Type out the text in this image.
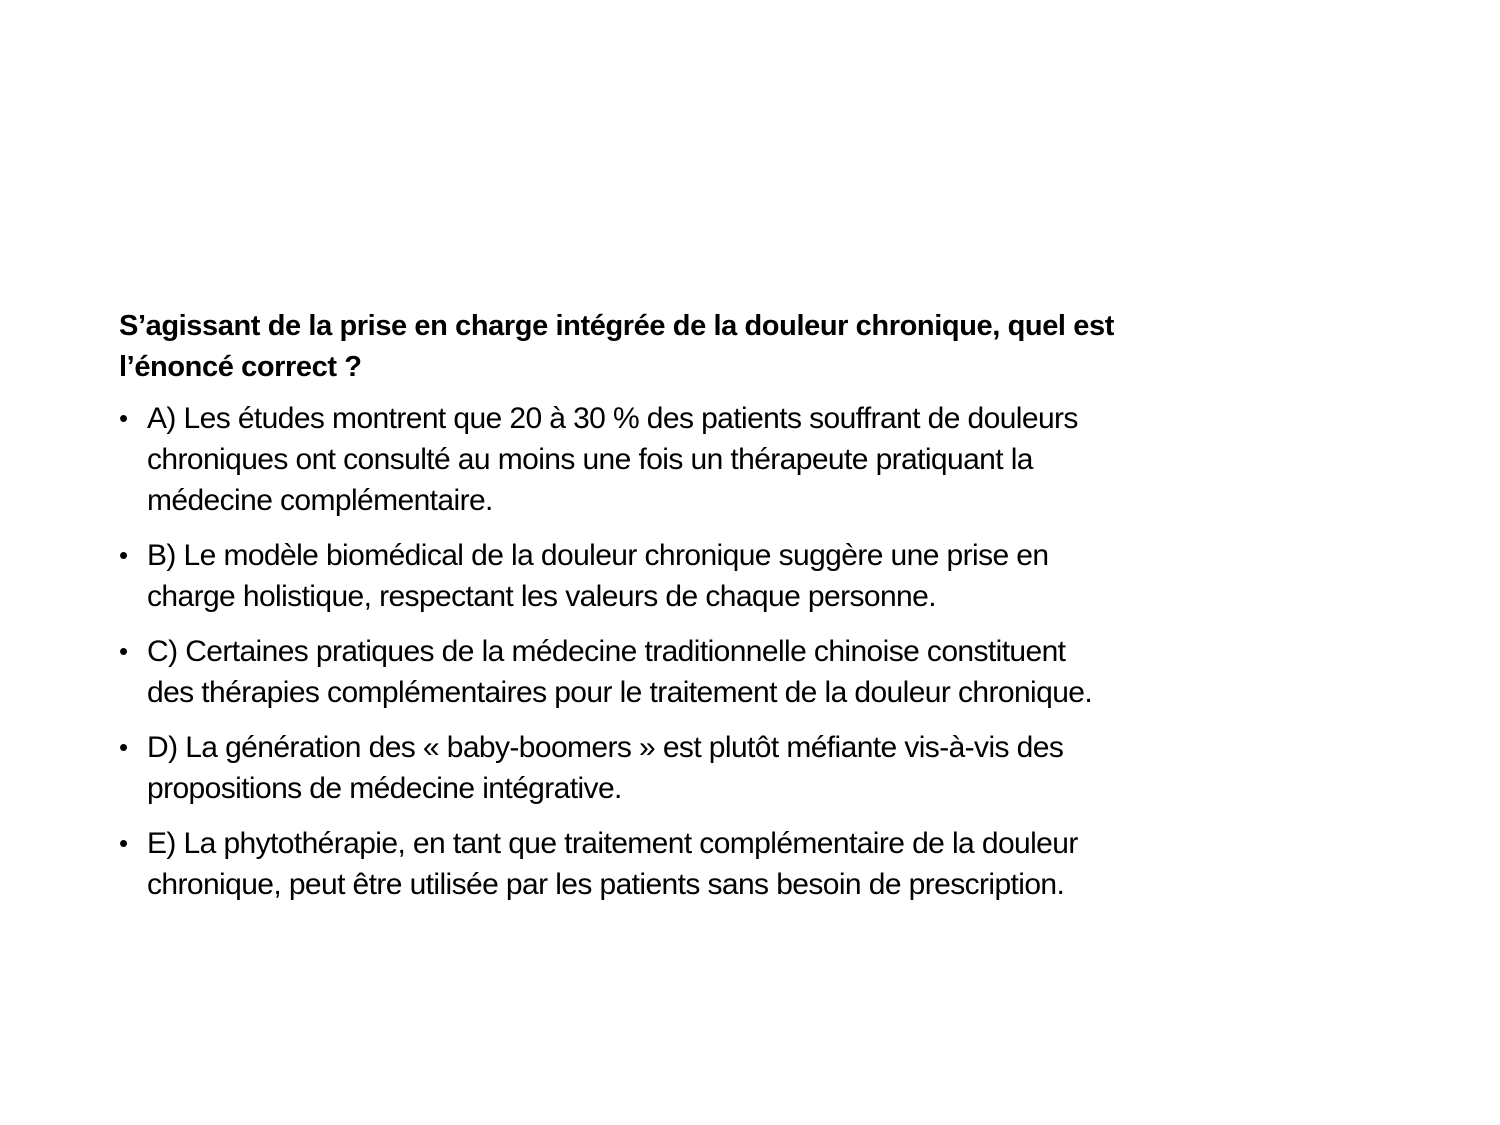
S’agissant de la prise en charge intégrée de la douleur chronique, quel est
l’énoncé correct ?
• A) Les études montrent que 20 à 30 % des patients souffrant de douleurs
chroniques ont consulté au moins une fois un thérapeute pratiquant la
médecine complémentaire.
• B) Le modèle biomédical de la douleur chronique suggère une prise en
charge holistique, respectant les valeurs de chaque personne.
• C) Certaines pratiques de la médecine traditionnelle chinoise constituent
des thérapies complémentaires pour le traitement de la douleur chronique.
• D) La génération des « baby-boomers » est plutôt méfiante vis-à-vis des
propositions de médecine intégrative.
• E) La phytothérapie, en tant que traitement complémentaire de la douleur
chronique, peut être utilisée par les patients sans besoin de prescription.
